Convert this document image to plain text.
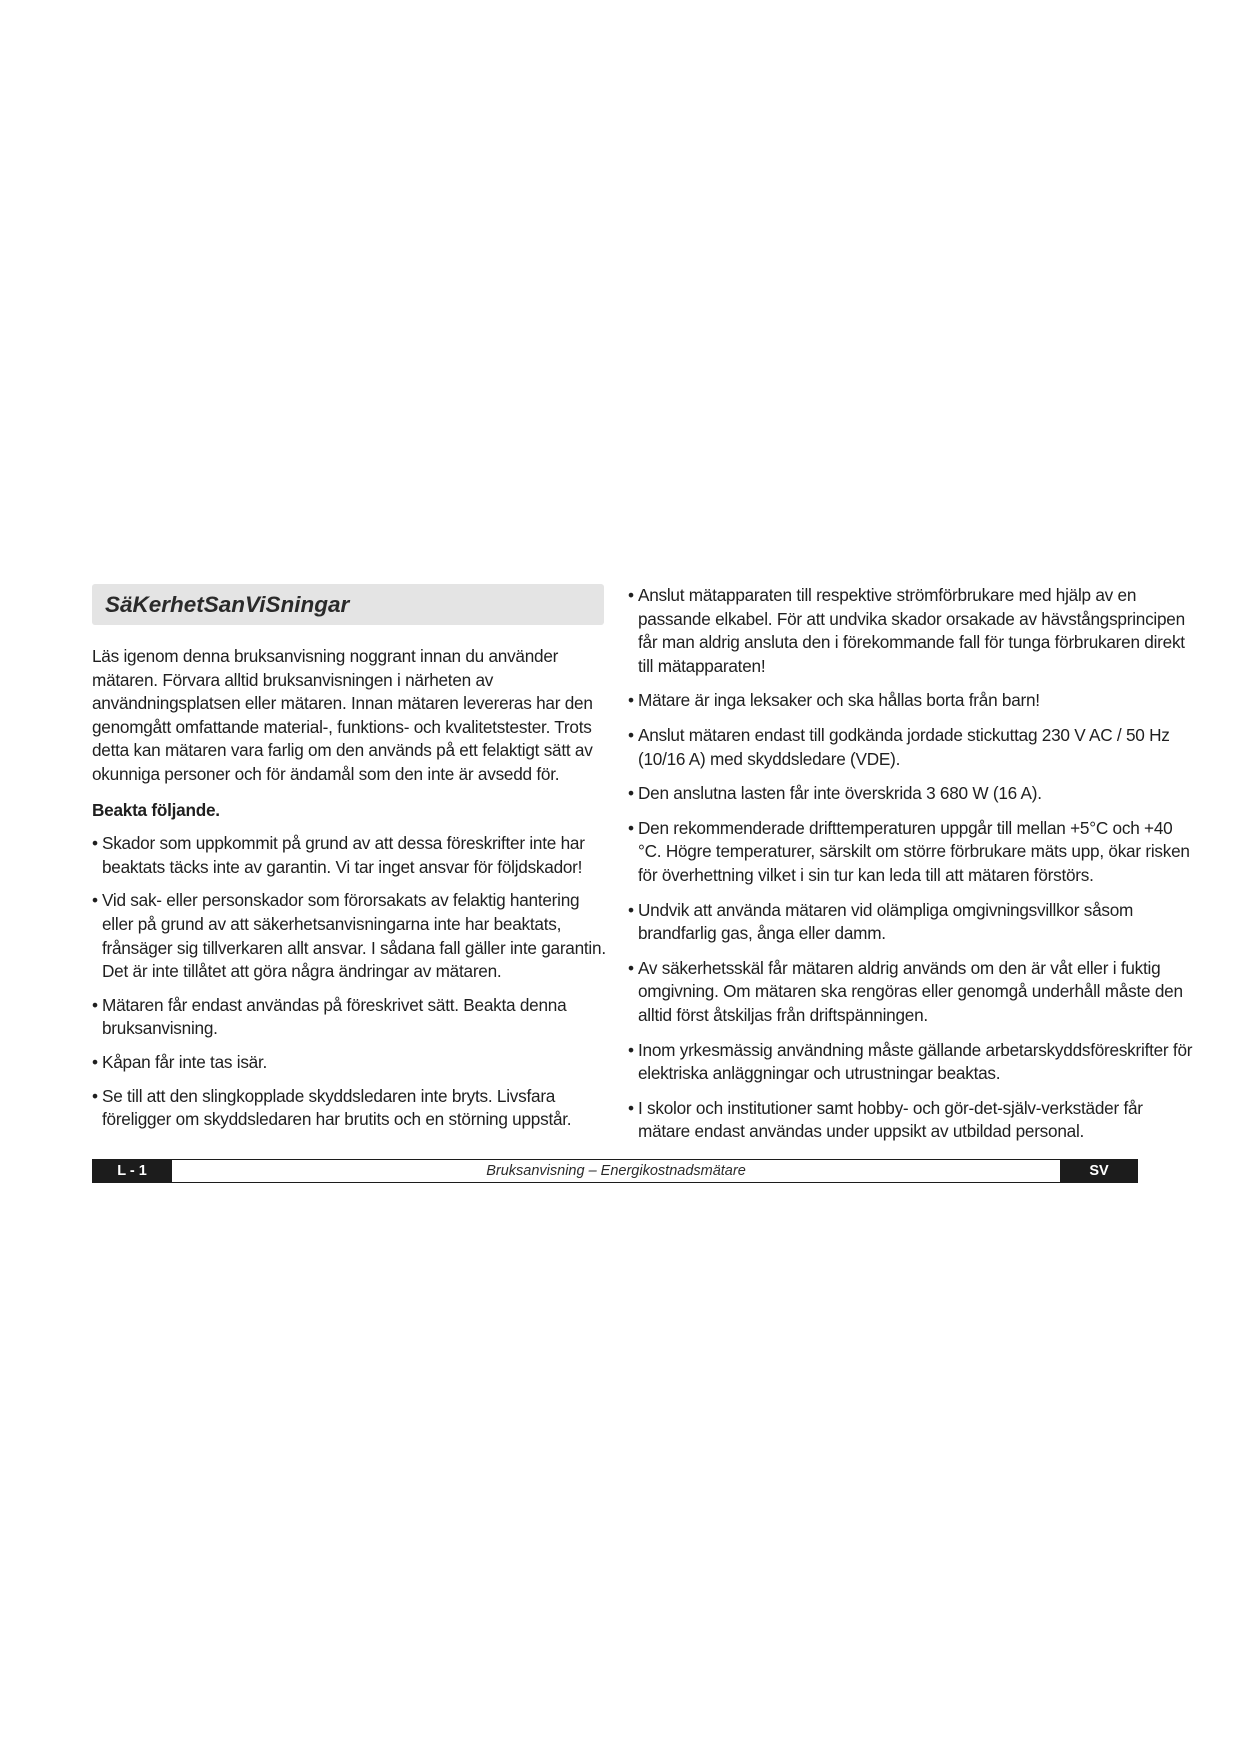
SäKerhetSanViSningar

Läs igenom denna bruksanvisning noggrant innan du använder mätaren. Förvara alltid bruksanvisningen i närheten av användningsplatsen eller mätaren. Innan mätaren levereras har den genomgått omfattande material-, funktions- och kvalitetstester. Trots detta kan mätaren vara farlig om den används på ett felaktigt sätt av okunniga personer och för ändamål som den inte är avsedd för.

Beakta följande.
• Skador som uppkommit på grund av att dessa föreskrifter inte har beaktats täcks inte av garantin. Vi tar inget ansvar för följdskador!
• Vid sak- eller personskador som förorsakats av felaktig hantering eller på grund av att säkerhetsanvisningarna inte har beaktats, frånsäger sig tillverkaren allt ansvar. I sådana fall gäller inte garantin. Det är inte tillåtet att göra några ändringar av mätaren.
• Mätaren får endast användas på föreskrivet sätt. Beakta denna bruksanvisning.
• Kåpan får inte tas isär.
• Se till att den slingkopplade skyddsledaren inte bryts. Livsfara föreligger om skyddsledaren har brutits och en störning uppstår.
• Anslut mätapparaten till respektive strömförbrukare med hjälp av en passande elkabel. För att undvika skador orsakade av hävstångsprincipen får man aldrig ansluta den i förekommande fall för tunga förbrukaren direkt till mätapparaten!
• Mätare är inga leksaker och ska hållas borta från barn!
• Anslut mätaren endast till godkända jordade stickuttag 230 V AC / 50 Hz (10/16 A) med skyddsledare (VDE).
• Den anslutna lasten får inte överskrida 3 680 W (16 A).
• Den rekommenderade drifttemperaturen uppgår till mellan +5°C och +40 °C. Högre temperaturer, särskilt om större förbrukare mäts upp, ökar risken för överhettning vilket i sin tur kan leda till att mätaren förstörs.
• Undvik att använda mätaren vid olämpliga omgivningsvillkor såsom brandfarlig gas, ånga eller damm.
• Av säkerhetsskäl får mätaren aldrig används om den är våt eller i fuktig omgivning. Om mätaren ska rengöras eller genomgå underhåll måste den alltid först åtskiljas från driftspänningen.
• Inom yrkesmässig användning måste gällande arbetarskyddsföreskrifter för elektriska anläggningar och utrustningar beaktas.
• I skolor och institutioner samt hobby- och gör-det-själv-verkstäder får mätare endast användas under uppsikt av utbildad personal.
L - 1	Bruksanvisning – Energikostnadsmätare	SV
